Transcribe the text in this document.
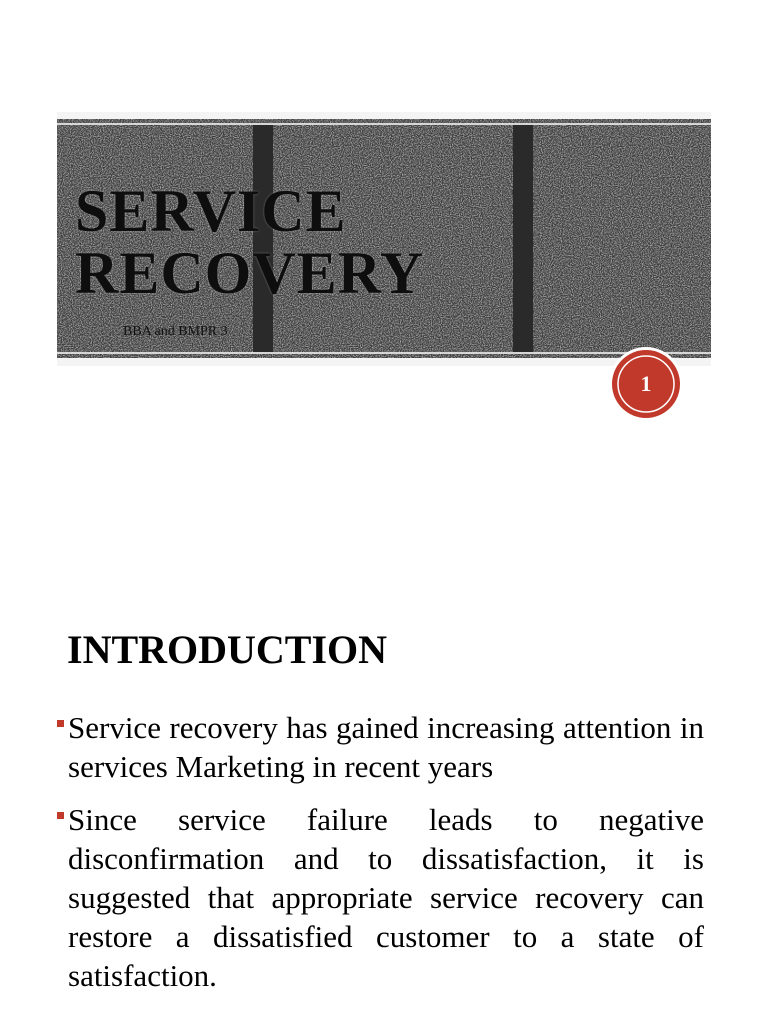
SERVICE
RECOVERY
BBA and BMPR 3
1
INTRODUCTION
Service recovery has gained increasing attention in services Marketing in recent years
Since service failure leads to negative disconfirmation and to dissatisfaction, it is suggested that appropriate service recovery can restore a dissatisfied customer to a state of satisfaction.
